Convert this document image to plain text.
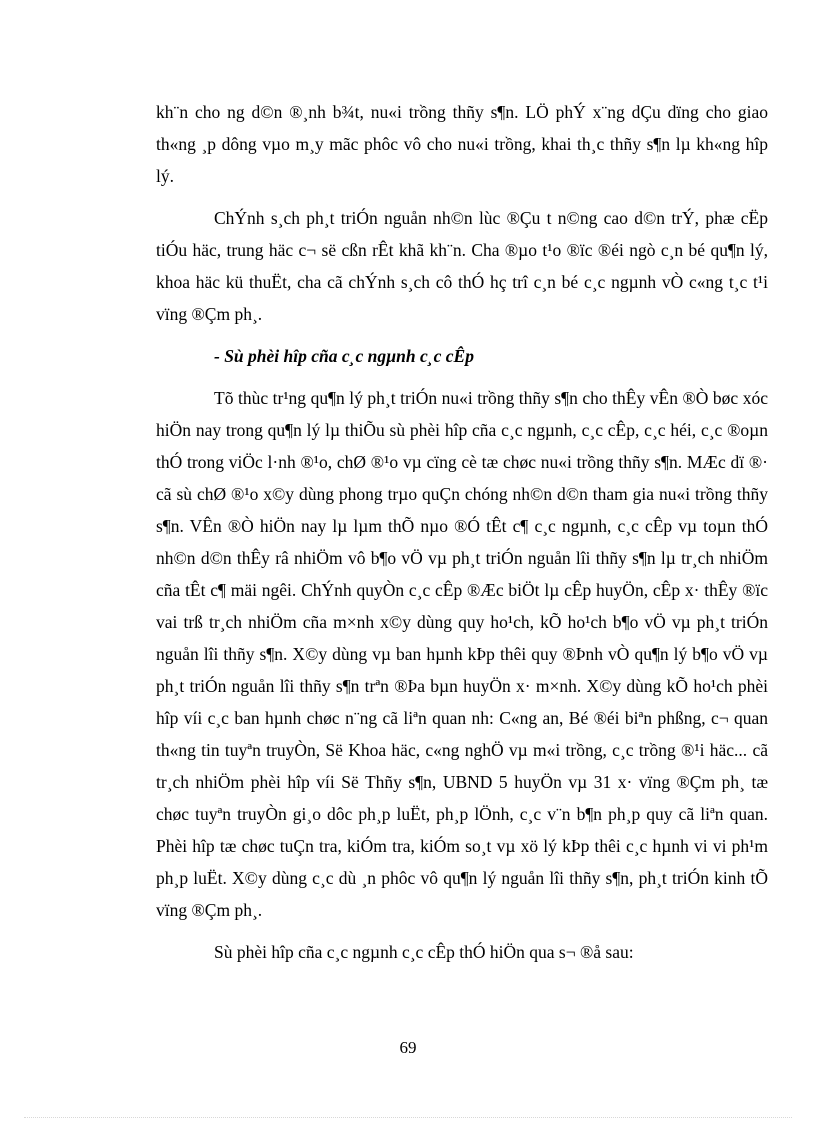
kh¨n cho ng d©n ®¸nh b¾t, nu«i trồng thñy s¶n. LÖ phÝ x¨ng dÇu dïng cho giao th«ng ¸p dông vµo m¸y mãc phôc vô cho nu«i trồng, khai th¸c thñy s¶n lµ kh«ng hîp lý.

ChÝnh s¸ch ph¸t triÓn nguån nh©n lùc ®Çu t n©ng cao d©n trÝ, phæ cËp tiÓu häc, trung häc c¬ së cßn rÊt khã kh¨n. Cha ®µo t¹o ®ïc ®éi ngò c¸n bé qu¶n lý, khoa häc kü thuËt, cha cã chÝnh s¸ch cô thÓ hç trî c¸n bé c¸c ngµnh vÒ c«ng t¸c t¹i vïng ®Çm ph¸.

- Sù phèi hîp cña c¸c ngµnh c¸c cÊp

Tõ thùc tr¹ng qu¶n lý ph¸t triÓn nu«i trồng thñy s¶n cho thÊy vÊn ®Ò bøc xóc hiÖn nay trong qu¶n lý lµ thiÕu sù phèi hîp cña c¸c ngµnh, c¸c cÊp, c¸c héi, c¸c ®oµn thÓ trong viÖc l·nh ®¹o, chØ ®¹o vµ cïng cè tæ chøc nu«i trồng thñy s¶n. MÆc dï ®· cã sù chØ ®¹o x©y dùng phong trµo quÇn chóng nh©n d©n tham gia nu«i trồng thñy s¶n. VÊn ®Ò hiÖn nay lµ lµm thÕ nµo ®Ó tÊt c¶ c¸c ngµnh, c¸c cÊp vµ toµn thÓ nh©n d©n thÊy râ nhiÖm vô b¶o vÖ vµ ph¸t triÓn nguån lîi thñy s¶n lµ tr¸ch nhiÖm cña tÊt c¶ mäi ngêi. ChÝnh quyÒn c¸c cÊp ®Æc biÖt lµ cÊp huyÖn, cÊp x· thÊy ®ïc vai trß tr¸ch nhiÖm cña m×nh x©y dùng quy ho¹ch, kÕ ho¹ch b¶o vÖ vµ ph¸t triÓn nguån lîi thñy s¶n. X©y dùng vµ ban hµnh kÞp thêi quy ®Þnh vÒ qu¶n lý b¶o vÖ vµ ph¸t triÓn nguån lîi thñy s¶n trªn ®Þa bµn huyÖn x· m×nh. X©y dùng kÕ ho¹ch phèi hîp víi c¸c ban hµnh chøc n¨ng cã liªn quan nh: C«ng an, Bé ®éi biªn phßng, c¬ quan th«ng tin tuyªn truyÒn, Së Khoa häc, c«ng nghÖ vµ m«i trồng, c¸c trồng ®¹i häc... cã tr¸ch nhiÖm phèi hîp víi Së Thñy s¶n, UBND 5 huyÖn vµ 31 x· vïng ®Çm ph¸ tæ chøc tuyªn truyÒn gi¸o dôc ph¸p luËt, ph¸p lÖnh, c¸c v¨n b¶n ph¸p quy cã liªn quan. Phèi hîp tæ chøc tuÇn tra, kiÓm tra, kiÓm so¸t vµ xö lý kÞp thêi c¸c hµnh vi vi ph¹m ph¸p luËt. X©y dùng c¸c dù ¸n phôc vô qu¶n lý nguån lîi thñy s¶n, ph¸t triÓn kinh tÕ vïng ®Çm ph¸.

Sù phèi hîp cña c¸c ngµnh c¸c cÊp thÓ hiÖn qua s¬ ®å sau:

69
